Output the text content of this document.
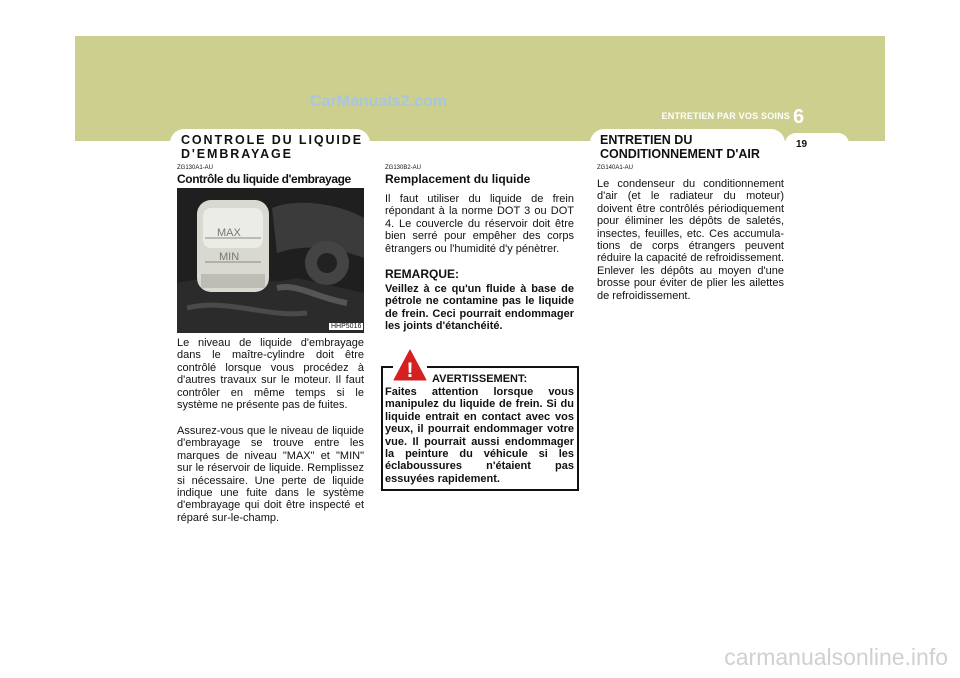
CarManuals2.com
ENTRETIEN PAR VOS SOINS 6
19
CONTROLE DU LIQUIDE
D'EMBRAYAGE
ZG130A1-AU
Contrôle du liquide d'embrayage
MAX
MIN
HHP5016
Le niveau de liquide d'embrayage dans le maître-cylindre doit être contrôlé lorsque vous procédez à d'autres travaux sur le moteur. Il faut contrôler en même temps si le système ne présente pas de fuites.
Assurez-vous que le niveau de liquide d'embrayage se trouve entre les marques de niveau "MAX" et "MIN" sur le réservoir de liquide. Remplissez si nécessaire. Une perte de liquide indique une fuite dans le système d'embrayage qui doit être inspecté et réparé sur-le-champ.
ZG130B2-AU
Remplacement du liquide
Il faut utiliser du liquide de frein répondant à la norme DOT 3 ou DOT 4. Le couvercle du réservoir doit être bien serré pour empêher des corps êtrangers ou l'humidité d'y pénètrer.
REMARQUE:
Veillez à ce qu'un fluide à base de pétrole ne contamine pas le liquide de frein. Ceci pourrait endommager les joints d'étanchéité.
! AVERTISSEMENT:
Faites attention lorsque vous manipulez du liquide de frein. Si du liquide entrait en contact avec vos yeux, il pourrait endommager votre vue. Il pourrait aussi endommager la peinture du véhicule si les éclaboussures n'étaient pas essuyées rapidement.
ENTRETIEN DU
CONDITIONNEMENT D'AIR
ZG140A1-AU
Le condenseur du conditionnement d'air (et le radiateur du moteur) doivent être contrôlés périodiquement pour éliminer les dépôts de saletés, insectes, feuilles, etc. Ces accumula-tions de corps étrangers peuvent réduire la capacité de refroidissement. Enlever les dépôts au moyen d'une brosse pour éviter de plier les ailettes de refroidissement.
carmanualsonline.info
